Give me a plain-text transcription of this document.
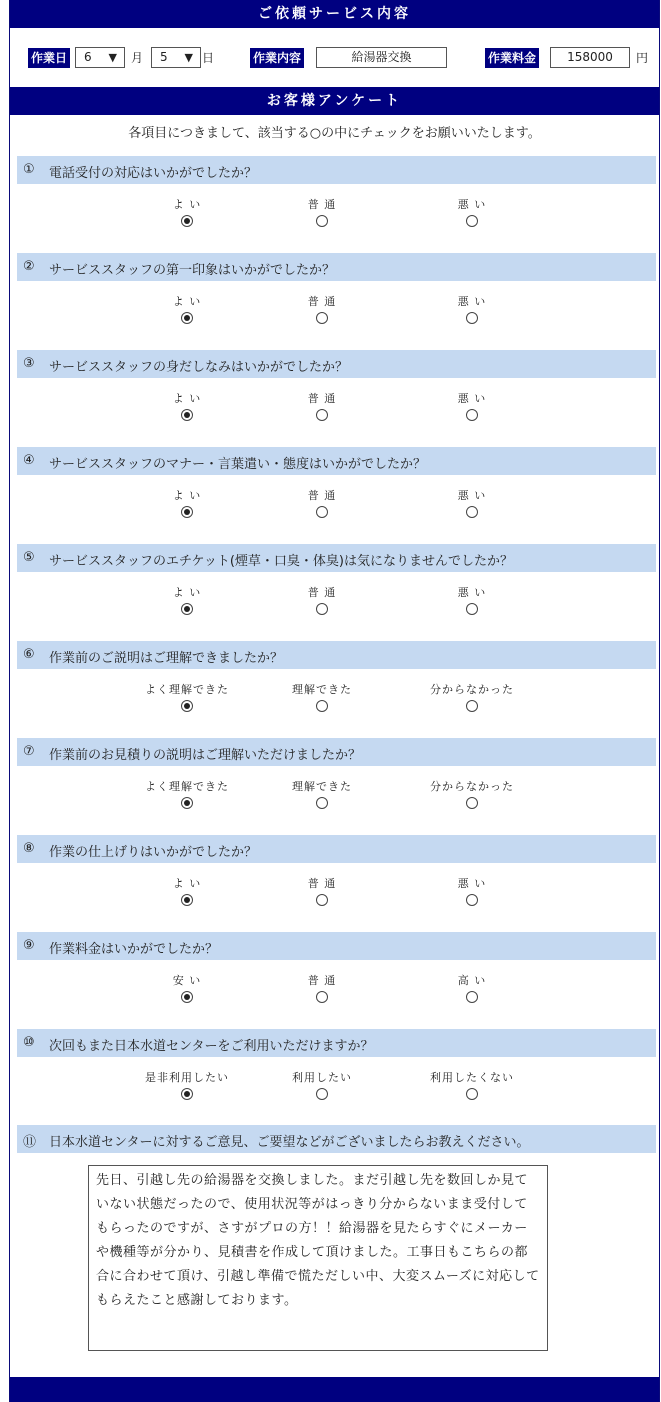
ご依頼サービス内容
作業日	6 ▼ 月	5 ▼ 日	作業内容	給湯器交換	作業料金	158000	円
お客様アンケート
各項目につきまして、該当する○の中にチェックをお願いいたします。
① 電話受付の対応はいかがでしたか？
よ い	普 通	悪 い
② サービススタッフの第一印象はいかがでしたか？
よ い	普 通	悪 い
③ サービススタッフの身だしなみはいかがでしたか？
よ い	普 通	悪 い
④ サービススタッフのマナー・言葉遣い・態度はいかがでしたか？
よ い	普 通	悪 い
⑤ サービススタッフのエチケット(煙草・口臭・体臭)は気になりませんでしたか？
よ い	普 通	悪 い
⑥ 作業前のご説明はご理解できましたか？
よく理解できた	理解できた	分からなかった
⑦ 作業前のお見積りの説明はご理解いただけましたか？
よく理解できた	理解できた	分からなかった
⑧ 作業の仕上げりはいかがでしたか？
よ い	普 通	悪 い
⑨ 作業料金はいかがでしたか？
安 い	普 通	高 い
⑩ 次回もまた日本水道センターをご利用いただけますか？
是非利用したい	利用したい	利用したくない
⑪ 日本水道センターに対するご意見、ご要望などがございましたらお教えください。
先日、引越し先の給湯器を交換しました。まだ引越し先を数回しか見ていない状態だったので、使用状況等がはっきり分からないまま受付してもらったのですが、さすがプロの方！！給湯器を見たらすぐにメーカーや機種等が分かり、見積書を作成して頂けました。工事日もこちらの都合に合わせて頂け、引越し準備で慌ただしい中、大変スムーズに対応してもらえたこと感謝しております。
